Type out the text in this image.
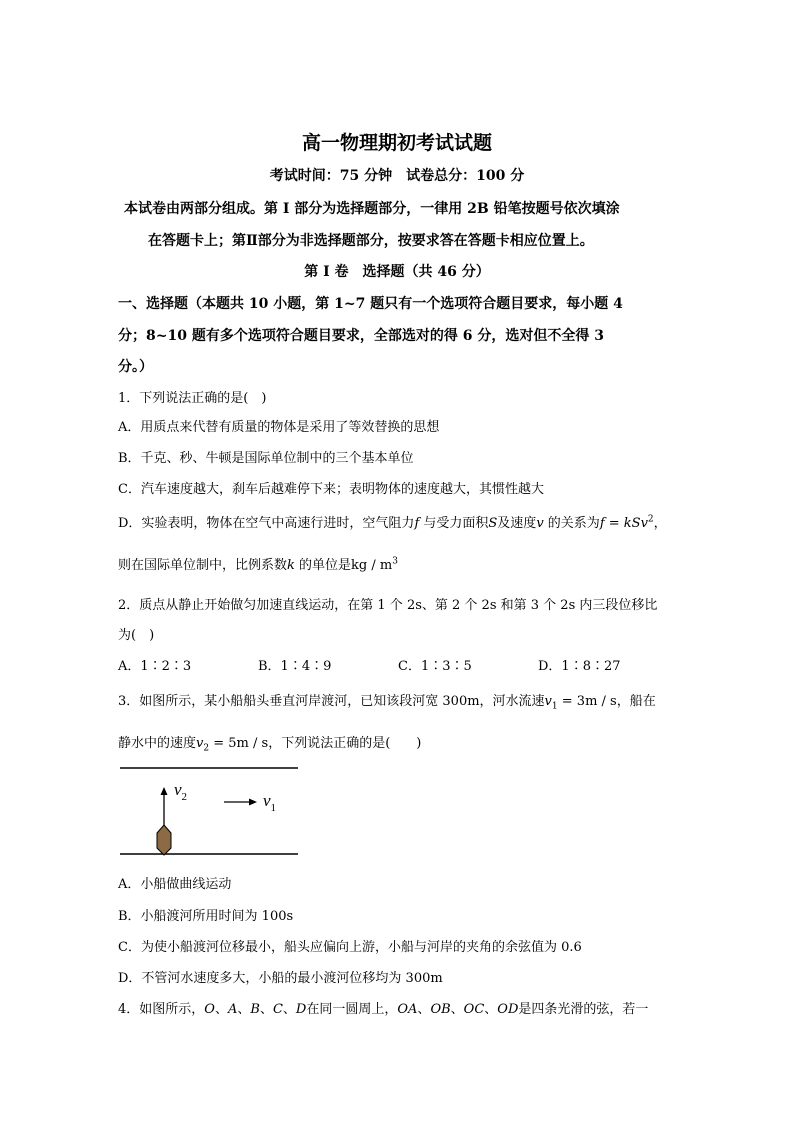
高一物理期初考试试题
考试时间：75 分钟　试卷总分：100 分
本试卷由两部分组成。第 I 部分为选择题部分，一律用 2B 铅笔按题号依次填涂
在答题卡上；第Ⅱ部分为非选择题部分，按要求答在答题卡相应位置上。
第 I 卷　选择题（共 46 分）
一、选择题（本题共 10 小题，第 1~7 题只有一个选项符合题目要求，每小题 4
分；8~10 题有多个选项符合题目要求，全部选对的得 6 分，选对但不全得 3
分。）
1．下列说法正确的是(　)
A．用质点来代替有质量的物体是采用了等效替换的思想
B．千克、秒、牛顿是国际单位制中的三个基本单位
C．汽车速度越大，刹车后越难停下来；表明物体的速度越大，其惯性越大
D．实验表明，物体在空气中高速行进时，空气阻力f 与受力面积S及速度v 的关系为f = kSv$^2$，
则在国际单位制中，比例系数k 的单位是kg / $m^3$
2．质点从静止开始做匀加速直线运动，在第 1 个 2s、第 2 个 2s 和第 3 个 2s 内三段位移比
为(　)
A．1∶2∶3	B．1∶4∶9	C．1∶3∶5	D．1∶8∶27
3．如图所示，某小船船头垂直河岸渡河，已知该段河宽 300m，河水流速$v_1 = 3m / s$，船在
静水中的速度$v_2 = 5m / s$，下列说法正确的是(　　)
$v_2$	$v_1$
A．小船做曲线运动
B．小船渡河所用时间为 100s
C．为使小船渡河位移最小，船头应偏向上游，小船与河岸的夹角的余弦值为 0.6
D．不管河水速度多大，小船的最小渡河位移均为 300m
4．如图所示，O、A、B、C、D在同一圆周上，OA、OB、OC、OD是四条光滑的弦，若一
